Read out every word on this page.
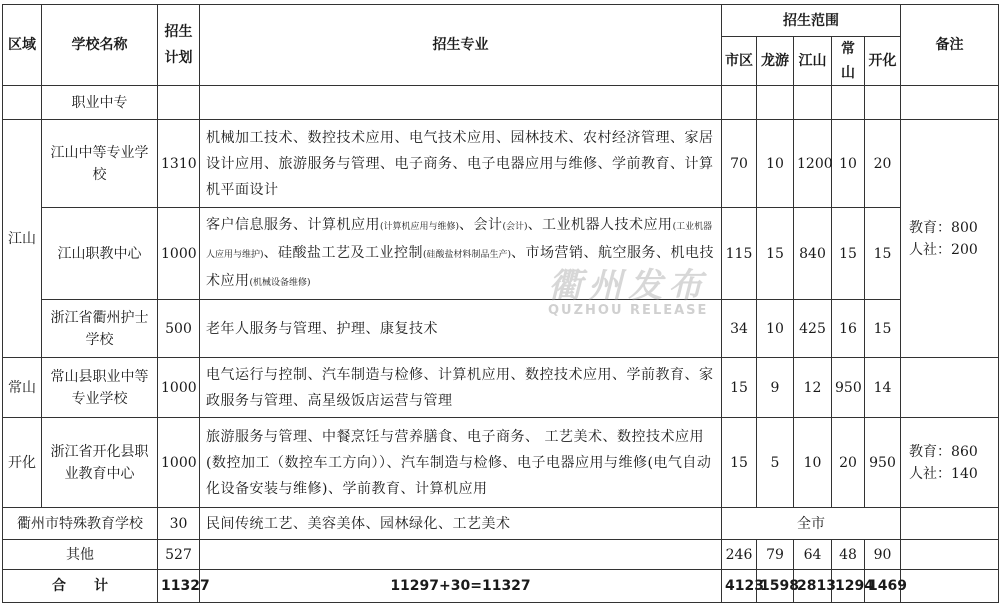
区域	学校名称	招生计划	招生专业	招生范围					备注
				市区	龙游	江山	常山	开化	
	职业中专								
江山	江山中等专业学校	1310	机械加工技术、数控技术应用、电气技术应用、园林技术、农村经济管理、家居设计应用、旅游服务与管理、电子商务、电子电器应用与维修、学前教育、计算机平面设计	70	10	1200	10	20	教育：800
人社：200

	江山职教中心	1000	客户信息服务、计算机应用(计算机应用与维修)、会计(会计)、工业机器人技术应用(工业机器人应用与维护)、硅酸盐工艺及工业控制(硅酸盐材料制品生产)、市场营销、航空服务、机电技术应用(机械设备维修)	115	15	840	15	15	
	浙江省衢州护士学校	500	老年人服务与管理、护理、康复技术	34	10	425	16	15	
常山	常山县职业中等专业学校	1000	电气运行与控制、汽车制造与检修、计算机应用、数控技术应用、学前教育、家政服务与管理、高星级饭店运营与管理	15	9	12	950	14	
开化	浙江省开化县职业教育中心	1000	旅游服务与管理、中餐烹饪与营养膳食、电子商务、 工艺美术、数控技术应用(数控加工（数控车工方向））、汽车制造与检修、电子电器应用与维修(电气自动化设备安装与维修)、学前教育、计算机应用	15	5	10	20	950	教育：860
人社：140

衢州市特殊教育学校		30	民间传统工艺、美容美体、园林绿化、工艺美术	全市					
其他		527		246	79	64	48	90	
合　　计		11327	11297+30=11327	4123	1598	2813	1294	1469	
衢州发布
QUZHOU RELEASE
